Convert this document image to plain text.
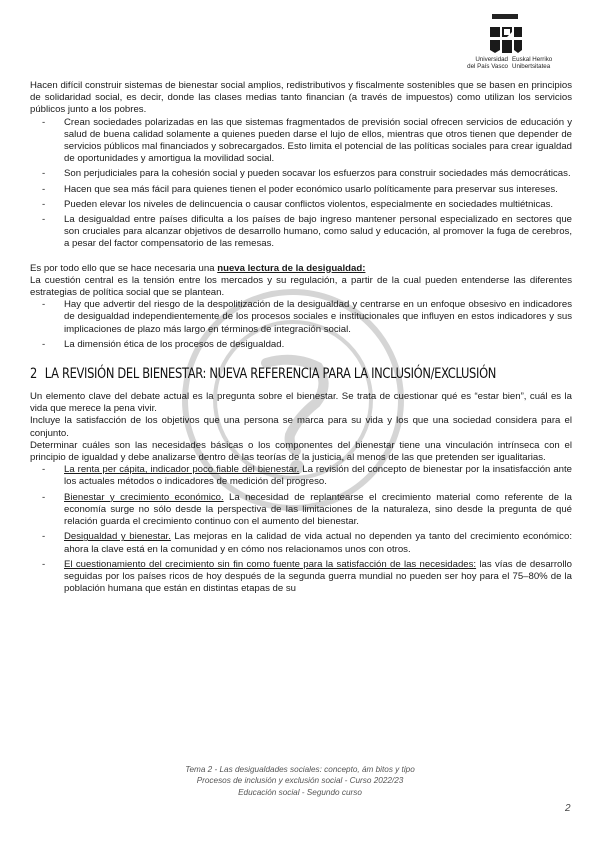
Universidad
del País Vasco
Euskal Herriko
Unibertsitatea

Hacen difícil construir sistemas de bienestar social amplios, redistributivos y fiscalmente sostenibles que se basen en principios de solidaridad social, es decir, donde las clases medias tanto financian (a través de impuestos) como utilizan los servicios públicos junto a los pobres.

- Crean sociedades polarizadas en las que sistemas fragmentados de previsión social ofrecen servicios de educación y salud de buena calidad solamente a quienes pueden darse el lujo de ellos, mientras que otros tienen que depender de servicios públicos mal financiados y sobrecargados. Esto limita el potencial de las políticas sociales para crear igualdad de oportunidades y amortigua la movilidad social.
- Son perjudiciales para la cohesión social y pueden socavar los esfuerzos para construir sociedades más democráticas.
- Hacen que sea más fácil para quienes tienen el poder económico usarlo políticamente para preservar sus intereses.
- Pueden elevar los niveles de delincuencia o causar conflictos violentos, especialmente en sociedades multiétnicas.
- La desigualdad entre países dificulta a los países de bajo ingreso mantener personal especializado en sectores que son cruciales para alcanzar objetivos de desarrollo humano, como salud y educación, al promover la fuga de cerebros, a pesar del factor compensatorio de las remesas.

Es por todo ello que se hace necesaria una nueva lectura de la desigualdad:

La cuestión central es la tensión entre los mercados y su regulación, a partir de la cual pueden entenderse las diferentes estrategias de política social que se plantean.

- Hay que advertir del riesgo de la despolitización de la desigualdad y centrarse en un enfoque obsesivo en indicadores de desigualdad independientemente de los procesos sociales e institucionales que influyen en estos indicadores y sus implicaciones de plazo más largo en términos de integración social.
- La dimensión ética de los procesos de desigualdad.
2 LA REVISIÓN DEL BIENESTAR: NUEVA REFERENCIA PARA LA INCLUSIÓN/EXCLUSIÓN

Un elemento clave del debate actual es la pregunta sobre el bienestar. Se trata de cuestionar qué es “estar bien”, cuál es la vida que merece la pena vivir.

Incluye la satisfacción de los objetivos que una persona se marca para su vida y los que una sociedad considera para el conjunto.

Determinar cuáles son las necesidades básicas o los componentes del bienestar tiene una vinculación intrínseca con el principio de igualdad y debe analizarse dentro de las teorías de la justicia, al menos de las que pretenden ser igualitarias.

- La renta per cápita, indicador poco fiable del bienestar. La revisión del concepto de bienestar por la insatisfacción ante los actuales métodos o indicadores de medición del progreso.
- Bienestar y crecimiento económico. La necesidad de replantearse el crecimiento material como referente de la economía surge no sólo desde la perspectiva de las limitaciones de la naturaleza, sino desde la pregunta de qué relación guarda el crecimiento continuo con el aumento del bienestar.
- Desigualdad y bienestar. Las mejoras en la calidad de vida actual no dependen ya tanto del crecimiento económico: ahora la clave está en la comunidad y en cómo nos relacionamos unos con otros.
- El cuestionamiento del crecimiento sin fin como fuente para la satisfacción de las necesidades: las vías de desarrollo seguidas por los países ricos de hoy después de la segunda guerra mundial no pueden ser hoy para el 75–80% de la población humana que están en distintas etapas de su
Tema 2 - Las desigualdades sociales: concepto, ám bitos y tipo
Procesos de inclusión y exclusión social - Curso 2022/23
Educación social - Segundo curso
2
